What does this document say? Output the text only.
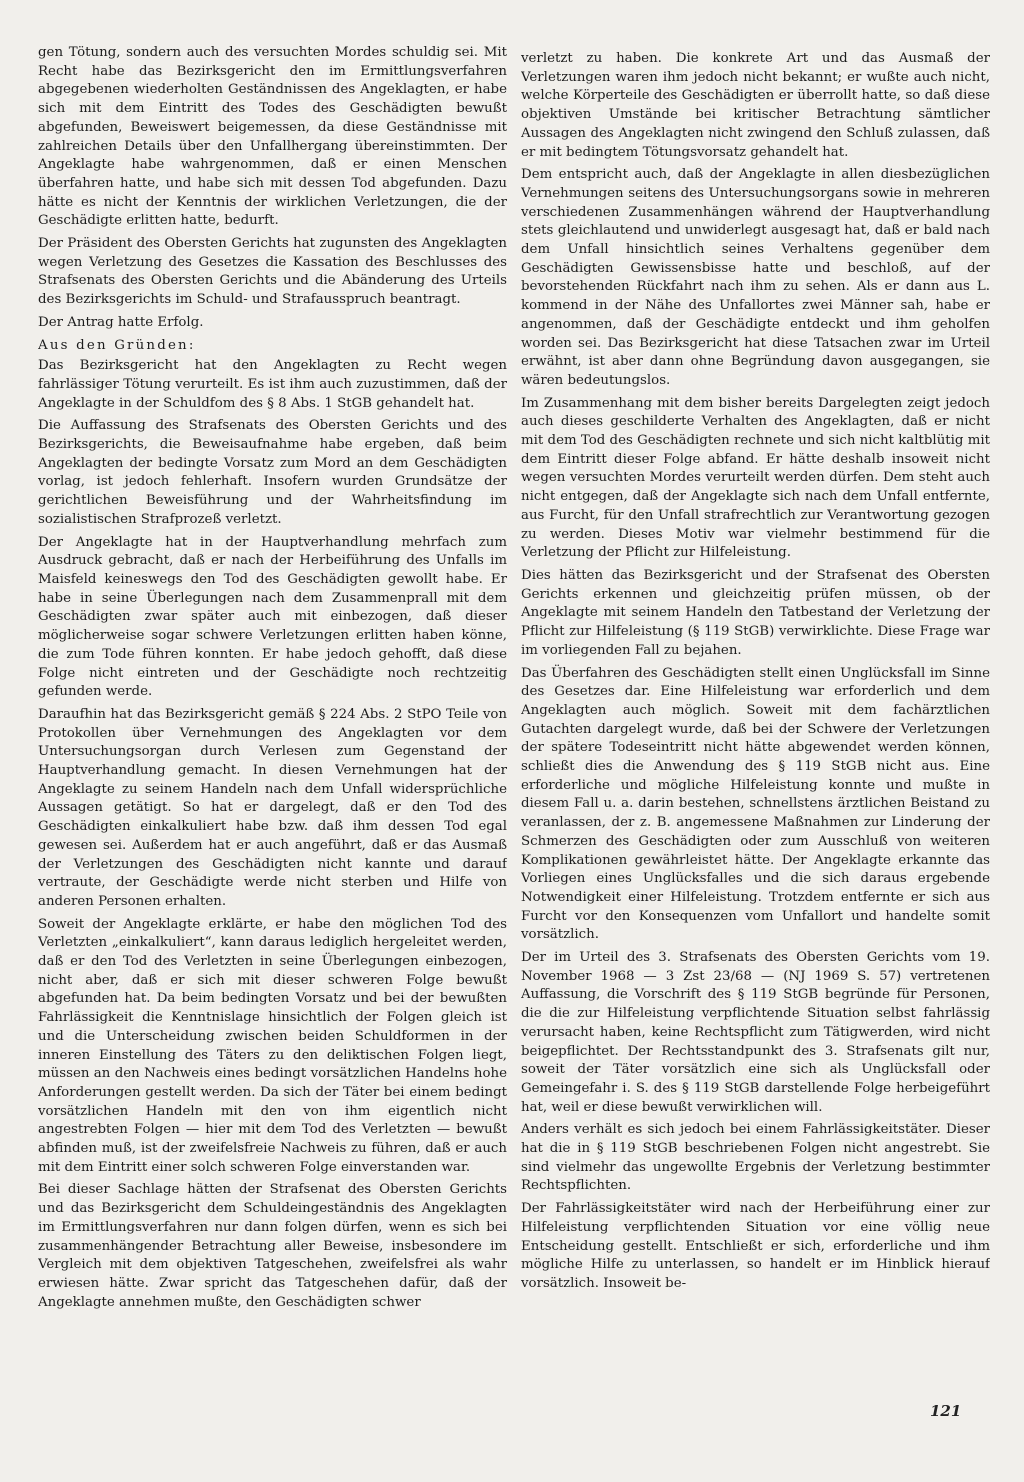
gen Tötung, sondern auch des versuchten Mordes schuldig sei. Mit Recht habe das Bezirksgericht den im Ermittlungsverfahren abgegebenen wiederholten Geständnissen des Angeklagten, er habe sich mit dem Eintritt des Todes des Geschädigten bewußt abgefunden, Beweiswert beigemessen, da diese Geständnisse mit zahlreichen Details über den Unfallhergang übereinstimmten. Der Angeklagte habe wahrgenommen, daß er einen Menschen überfahren hatte, und habe sich mit dessen Tod abgefunden. Dazu hätte es nicht der Kenntnis der wirklichen Verletzungen, die der Geschädigte erlitten hatte, bedurft.

Der Präsident des Obersten Gerichts hat zugunsten des Angeklagten wegen Verletzung des Gesetzes die Kassation des Beschlusses des Strafsenats des Obersten Gerichts und die Abänderung des Urteils des Bezirksgerichts im Schuld- und Strafausspruch beantragt.

Der Antrag hatte Erfolg.

Aus den Gründen:

Das Bezirksgericht hat den Angeklagten zu Recht wegen fahrlässiger Tötung verurteilt. Es ist ihm auch zuzustimmen, daß der Angeklagte in der Schuldfom des § 8 Abs. 1 StGB gehandelt hat.

Die Auffassung des Strafsenats des Obersten Gerichts und des Bezirksgerichts, die Beweisaufnahme habe ergeben, daß beim Angeklagten der bedingte Vorsatz zum Mord an dem Geschädigten vorlag, ist jedoch fehlerhaft. Insofern wurden Grundsätze der gerichtlichen Beweisführung und der Wahrheitsfindung im sozialistischen Strafprozeß verletzt.

Der Angeklagte hat in der Hauptverhandlung mehrfach zum Ausdruck gebracht, daß er nach der Herbeiführung des Unfalls im Maisfeld keineswegs den Tod des Geschädigten gewollt habe. Er habe in seine Überlegungen nach dem Zusammenprall mit dem Geschädigten zwar später auch mit einbezogen, daß dieser möglicherweise sogar schwere Verletzungen erlitten haben könne, die zum Tode führen konnten. Er habe jedoch gehofft, daß diese Folge nicht eintreten und der Geschädigte noch rechtzeitig gefunden werde.

Daraufhin hat das Bezirksgericht gemäß § 224 Abs. 2 StPO Teile von Protokollen über Vernehmungen des Angeklagten vor dem Untersuchungsorgan durch Verlesen zum Gegenstand der Hauptverhandlung gemacht. In diesen Vernehmungen hat der Angeklagte zu seinem Handeln nach dem Unfall widersprüchliche Aussagen getätigt. So hat er dargelegt, daß er den Tod des Geschädigten einkalkuliert habe bzw. daß ihm dessen Tod egal gewesen sei. Außerdem hat er auch angeführt, daß er das Ausmaß der Verletzungen des Geschädigten nicht kannte und darauf vertraute, der Geschädigte werde nicht sterben und Hilfe von anderen Personen erhalten.

Soweit der Angeklagte erklärte, er habe den möglichen Tod des Verletzten „einkalkuliert“, kann daraus lediglich hergeleitet werden, daß er den Tod des Verletzten in seine Überlegungen einbezogen, nicht aber, daß er sich mit dieser schweren Folge bewußt abgefunden hat. Da beim bedingten Vorsatz und bei der bewußten Fahrlässigkeit die Kenntnislage hinsichtlich der Folgen gleich ist und die Unterscheidung zwischen beiden Schuldformen in der inneren Einstellung des Täters zu den deliktischen Folgen liegt, müssen an den Nachweis eines bedingt vorsätzlichen Handelns hohe Anforderungen gestellt werden. Da sich der Täter bei einem bedingt vorsätzlichen Handeln mit den von ihm eigentlich nicht angestrebten Folgen — hier mit dem Tod des Verletzten — bewußt abfinden muß, ist der zweifelsfreie Nachweis zu führen, daß er auch mit dem Eintritt einer solch schweren Folge einverstanden war.

Bei dieser Sachlage hätten der Strafsenat des Obersten Gerichts und das Bezirksgericht dem Schuldeingeständnis des Angeklagten im Ermittlungsverfahren nur dann folgen dürfen, wenn es sich bei zusammenhängender Betrachtung aller Beweise, insbesondere im Vergleich mit dem objektiven Tatgeschehen, zweifelsfrei als wahr erwiesen hätte. Zwar spricht das Tatgeschehen dafür, daß der Angeklagte annehmen mußte, den Geschädigten schwer

verletzt zu haben. Die konkrete Art und das Ausmaß der Verletzungen waren ihm jedoch nicht bekannt; er wußte auch nicht, welche Körperteile des Geschädigten er überrollt hatte, so daß diese objektiven Umstände bei kritischer Betrachtung sämtlicher Aussagen des Angeklagten nicht zwingend den Schluß zulassen, daß er mit bedingtem Tötungsvorsatz gehandelt hat.

Dem entspricht auch, daß der Angeklagte in allen diesbezüglichen Vernehmungen seitens des Untersuchungsorgans sowie in mehreren verschiedenen Zusammenhängen während der Hauptverhandlung stets gleichlautend und unwiderlegt ausgesagt hat, daß er bald nach dem Unfall hinsichtlich seines Verhaltens gegenüber dem Geschädigten Gewissensbisse hatte und beschloß, auf der bevorstehenden Rückfahrt nach ihm zu sehen. Als er dann aus L. kommend in der Nähe des Unfallortes zwei Männer sah, habe er angenommen, daß der Geschädigte entdeckt und ihm geholfen worden sei. Das Bezirksgericht hat diese Tatsachen zwar im Urteil erwähnt, ist aber dann ohne Begründung davon ausgegangen, sie wären bedeutungslos.

Im Zusammenhang mit dem bisher bereits Dargelegten zeigt jedoch auch dieses geschilderte Verhalten des Angeklagten, daß er nicht mit dem Tod des Geschädigten rechnete und sich nicht kaltblütig mit dem Eintritt dieser Folge abfand. Er hätte deshalb insoweit nicht wegen versuchten Mordes verurteilt werden dürfen. Dem steht auch nicht entgegen, daß der Angeklagte sich nach dem Unfall entfernte, aus Furcht, für den Unfall strafrechtlich zur Verantwortung gezogen zu werden. Dieses Motiv war vielmehr bestimmend für die Verletzung der Pflicht zur Hilfeleistung.

Dies hätten das Bezirksgericht und der Strafsenat des Obersten Gerichts erkennen und gleichzeitig prüfen müssen, ob der Angeklagte mit seinem Handeln den Tatbestand der Verletzung der Pflicht zur Hilfeleistung (§ 119 StGB) verwirklichte. Diese Frage war im vorliegenden Fall zu bejahen.

Das Überfahren des Geschädigten stellt einen Unglücksfall im Sinne des Gesetzes dar. Eine Hilfeleistung war erforderlich und dem Angeklagten auch möglich. Soweit mit dem fachärztlichen Gutachten dargelegt wurde, daß bei der Schwere der Verletzungen der spätere Todeseintritt nicht hätte abgewendet werden können, schließt dies die Anwendung des § 119 StGB nicht aus. Eine erforderliche und mögliche Hilfeleistung konnte und mußte in diesem Fall u. a. darin bestehen, schnellstens ärztlichen Beistand zu veranlassen, der z. B. angemessene Maßnahmen zur Linderung der Schmerzen des Geschädigten oder zum Ausschluß von weiteren Komplikationen gewährleistet hätte. Der Angeklagte erkannte das Vorliegen eines Unglücksfalles und die sich daraus ergebende Notwendigkeit einer Hilfeleistung. Trotzdem entfernte er sich aus Furcht vor den Konsequenzen vom Unfallort und handelte somit vorsätzlich.

Der im Urteil des 3. Strafsenats des Obersten Gerichts vom 19. November 1968 — 3 Zst 23/68 — (NJ 1969 S. 57) vertretenen Auffassung, die Vorschrift des § 119 StGB begründe für Personen, die die zur Hilfeleistung verpflichtende Situation selbst fahrlässig verursacht haben, keine Rechtspflicht zum Tätigwerden, wird nicht beigepflichtet. Der Rechtsstandpunkt des 3. Strafsenats gilt nur, soweit der Täter vorsätzlich eine sich als Unglücksfall oder Gemeingefahr i. S. des § 119 StGB darstellende Folge herbeigeführt hat, weil er diese bewußt verwirklichen will.

Anders verhält es sich jedoch bei einem Fahrlässigkeitstäter. Dieser hat die in § 119 StGB beschriebenen Folgen nicht angestrebt. Sie sind vielmehr das ungewollte Ergebnis der Verletzung bestimmter Rechtspflichten.

Der Fahrlässigkeitstäter wird nach der Herbeiführung einer zur Hilfeleistung verpflichtenden Situation vor eine völlig neue Entscheidung gestellt. Entschließt er sich, erforderliche und ihm mögliche Hilfe zu unterlassen, so handelt er im Hinblick hierauf vorsätzlich. Insoweit be-

121
